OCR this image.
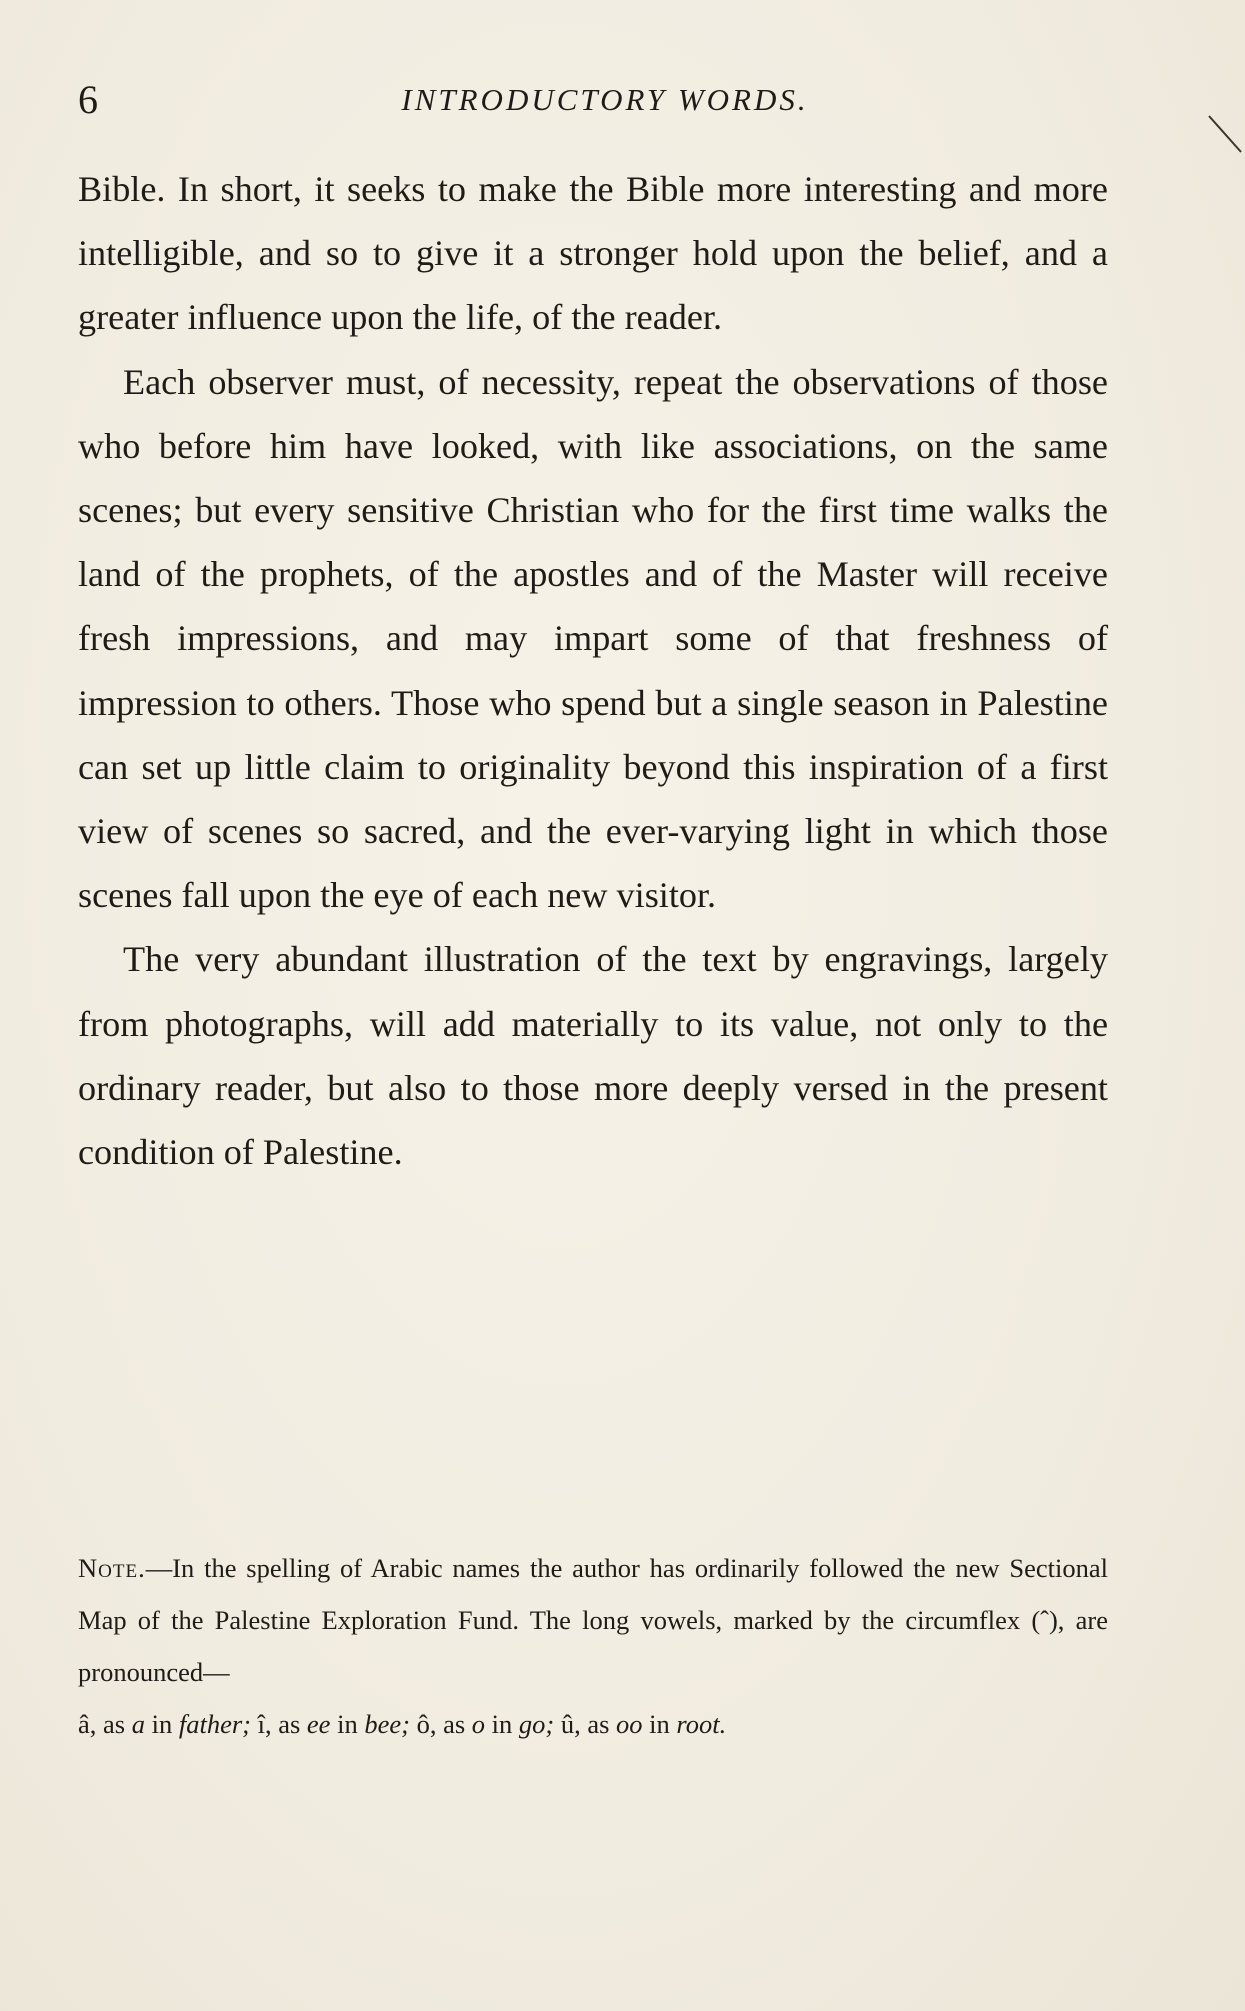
6	INTRODUCTORY WORDS.

Bible. In short, it seeks to make the Bible more interesting and more intelligible, and so to give it a stronger hold upon the belief, and a greater influence upon the life, of the reader.

Each observer must, of necessity, repeat the observations of those who before him have looked, with like associations, on the same scenes; but every sensitive Christian who for the first time walks the land of the prophets, of the apostles and of the Master will receive fresh impressions, and may impart some of that freshness of impression to others. Those who spend but a single season in Palestine can set up little claim to originality beyond this inspiration of a first view of scenes so sacred, and the ever-varying light in which those scenes fall upon the eye of each new visitor.

The very abundant illustration of the text by engravings, largely from photographs, will add materially to its value, not only to the ordinary reader, but also to those more deeply versed in the present condition of Palestine.

Note.—In the spelling of Arabic names the author has ordinarily followed the new Sectional Map of the Palestine Exploration Fund. The long vowels, marked by the circumflex (ˆ), are pronounced—
â, as a in father; î, as ee in bee; ô, as o in go; û, as oo in root.
